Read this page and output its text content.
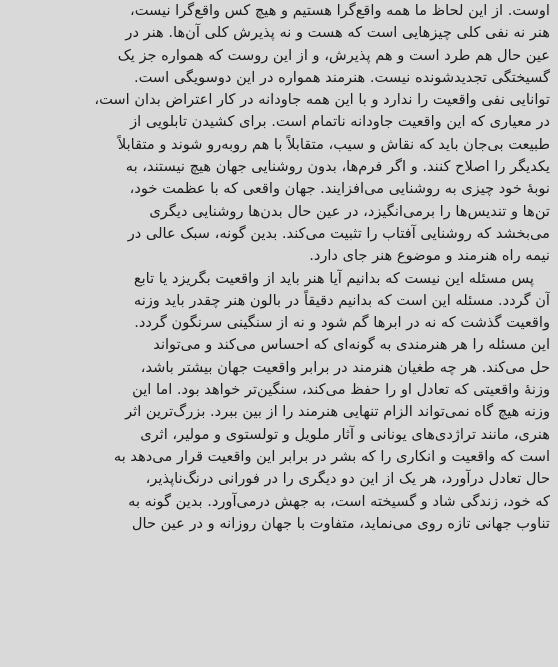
اوست. از این لحاظ ما همه واقع‌گرا هستیم و هیچ کس واقع‌گرا نیست،
هنر نه نفی کلی چیزهایی است که هست و نه پذیرش کلی آن‌ها. هنر در
عین حال هم طرد است و هم پذیرش، و از این روست که همواره جز یک
گسیختگی تجدیدشونده نیست. هنرمند همواره در این دوسویگی است.
توانایی نفی واقعیت را ندارد و با این همه جاودانه در کار اعتراض بدان است،
در معیاری که این واقعیت جاودانه ناتمام است. برای کشیدن تابلویی از
طبیعت بی‌جان باید که نقاش و سیب، متقابلاً با هم روبه‌رو شوند و متقابلاً
یکدیگر را اصلاح کنند. و اگر فرم‌ها، بدون روشنایی جهان هیچ نیستند، به
نوبهٔ خود چیزی به روشنایی می‌افزایند. جهان واقعی که با عظمت خود،
تن‌ها و تندیس‌ها را برمی‌انگیزد، در عین حال بدن‌ها روشنایی دیگری
می‌بخشد که روشنایی آفتاب را تثبیت می‌کند. بدین گونه، سبک عالی در
نیمه راه هنرمند و موضوع هنر جای دارد.
پس مسئله این نیست که بدانیم آیا هنر باید از واقعیت بگریزد یا تابع
آن گردد. مسئله این است که بدانیم دقیقاً در بالون هنر چقدر باید وزنه
واقعیت گذشت که نه در ابرها گم شود و نه از سنگینی سرنگون گردد.
این مسئله را هر هنرمندی به گونه‌ای که احساس می‌کند و می‌تواند
حل می‌کند. هر چه طغیان هنرمند در برابر واقعیت جهان بیشتر باشد،
وزنهٔ واقعیتی که تعادل او را حفظ می‌کند، سنگین‌تر خواهد بود. اما این
وزنه هیچ گاه نمی‌تواند الزام تنهایی هنرمند را از بین ببرد. بزرگ‌ترین اثر
هنری، مانند تراژدی‌های یونانی و آثار ملویل و تولستوی و مولیر، اثری
است که واقعیت و انکاری را که بشر در برابر این واقعیت قرار می‌دهد به
حال تعادل درآورد، هر یک از این دو دیگری را در فورانی درنگ‌ناپذیر،
که خود، زندگی شاد و گسیخته است، به جهش درمی‌آورد. بدین گونه به
تناوب جهانی تازه روی می‌نماید، متفاوت با جهان روزانه و در عین حال
